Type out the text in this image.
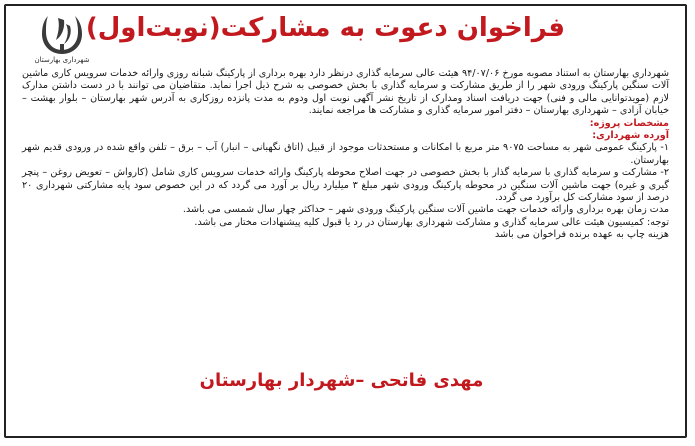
شهرداری بهارستان
فراخوان دعوت به مشارکت(نوبت‌اول)

شهرداری بهارستان به استناد مصوبه مورخ ۹۴/۰۷/۰۶ هیئت عالی سرمایه گذاری درنظر دارد بهره برداری از پارکینگ شبانه روزی وارائه خدمات سرویس کاری ماشین آلات سنگین پارکینگ ورودی شهر را از طریق مشارکت و سرمایه گذاری با بخش خصوصی به شرح ذیل اجرا نماید. متقاضیان می توانند با در دست داشتن مدارک لازم (مویدتوانایی مالی و فنی) جهت دریافت اسناد ومدارک از تاریخ نشر آگهی نوبت اول ودوم به مدت پانزده روزکاری به آدرس شهر بهارستان – بلوار بهشت – خیابان آزادی – شهرداری بهارستان – دفتر امور سرمایه گذاری و مشارکت ها مراجعه نمایند.

مشخصات پروژه:

آورده شهرداری:

۱- پارکینگ عمومی شهر به مساحت ۹۰۷۵ متر مربع با امکانات و مستحدثات موجود از قبیل (اتاق نگهبانی – انبار) آب – برق – تلفن واقع شده در ورودی قدیم شهر بهارستان.

۲- مشارکت و سرمایه گذاری با سرمایه گذار با بخش خصوصی در جهت اصلاح محوطه پارکینگ وارائه خدمات سرویس کاری شامل (کارواش – تعویض روغن – پنچر گیری و غیره) جهت ماشین آلات سنگین در محوطه پارکینگ ورودی شهر مبلغ ۳ میلیارد ریال بر آورد می گردد که در این خصوص سود پایه مشارکتی شهرداری ۲۰ درصد از سود مشارکت کل برآورد می گردد.

مدت زمان بهره برداری وارائه خدمات جهت ماشین آلات سنگین پارکینگ ورودی شهر – حداکثر چهار سال شمسی می باشد.

توجه: کمیسیون هیئت عالی سرمایه گذاری و مشارکت شهرداری بهارستان در رد یا قبول کلیه پیشنهادات مختار می باشد.

هزینه چاپ به عهده برنده فراخوان می باشد

مهدی فاتحی –شهردار بهارستان
